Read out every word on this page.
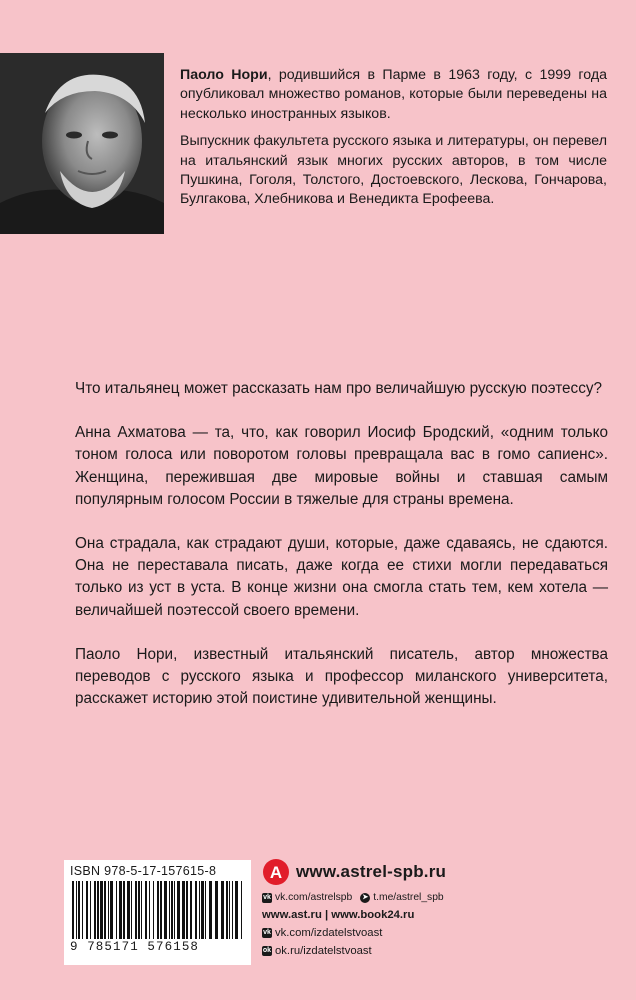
Паоло Нори, родившийся в Парме в 1963 году, с 1999 года опубликовал множество романов, которые были переведены на несколько иностранных языков.

Выпускник факультета русского языка и литературы, он перевел на итальянский язык многих русских авторов, в том числе Пушкина, Гоголя, Толстого, Достоевского, Лескова, Гончарова, Булгакова, Хлебникова и Венедикта Ерофеева.

Что итальянец может рассказать нам про величайшую русскую поэтессу?

Анна Ахматова — та, что, как говорил Иосиф Бродский, «одним только тоном голоса или поворотом головы превращала вас в гомо сапиенс». Женщина, пережившая две мировые войны и ставшая самым популярным голосом России в тяжелые для страны времена.

Она страдала, как страдают души, которые, даже сдаваясь, не сдаются. Она не переставала писать, даже когда ее стихи могли передаваться только из уст в уста. В конце жизни она смогла стать тем, кем хотела — величайшей поэтессой своего времени.

Паоло Нори, известный итальянский писатель, автор множества переводов с русского языка и профессор миланского университета, расскажет историю этой поистине удивительной женщины.

ISBN 978-5-17-157615-8
9 785171 576158
А www.astrel-spb.ru
vk vk.com/astrelspb ➤ t.me/astrel_spb
www.ast.ru | www.book24.ru
vk vk.com/izdatelstvoast
ok ok.ru/izdatelstvoast
